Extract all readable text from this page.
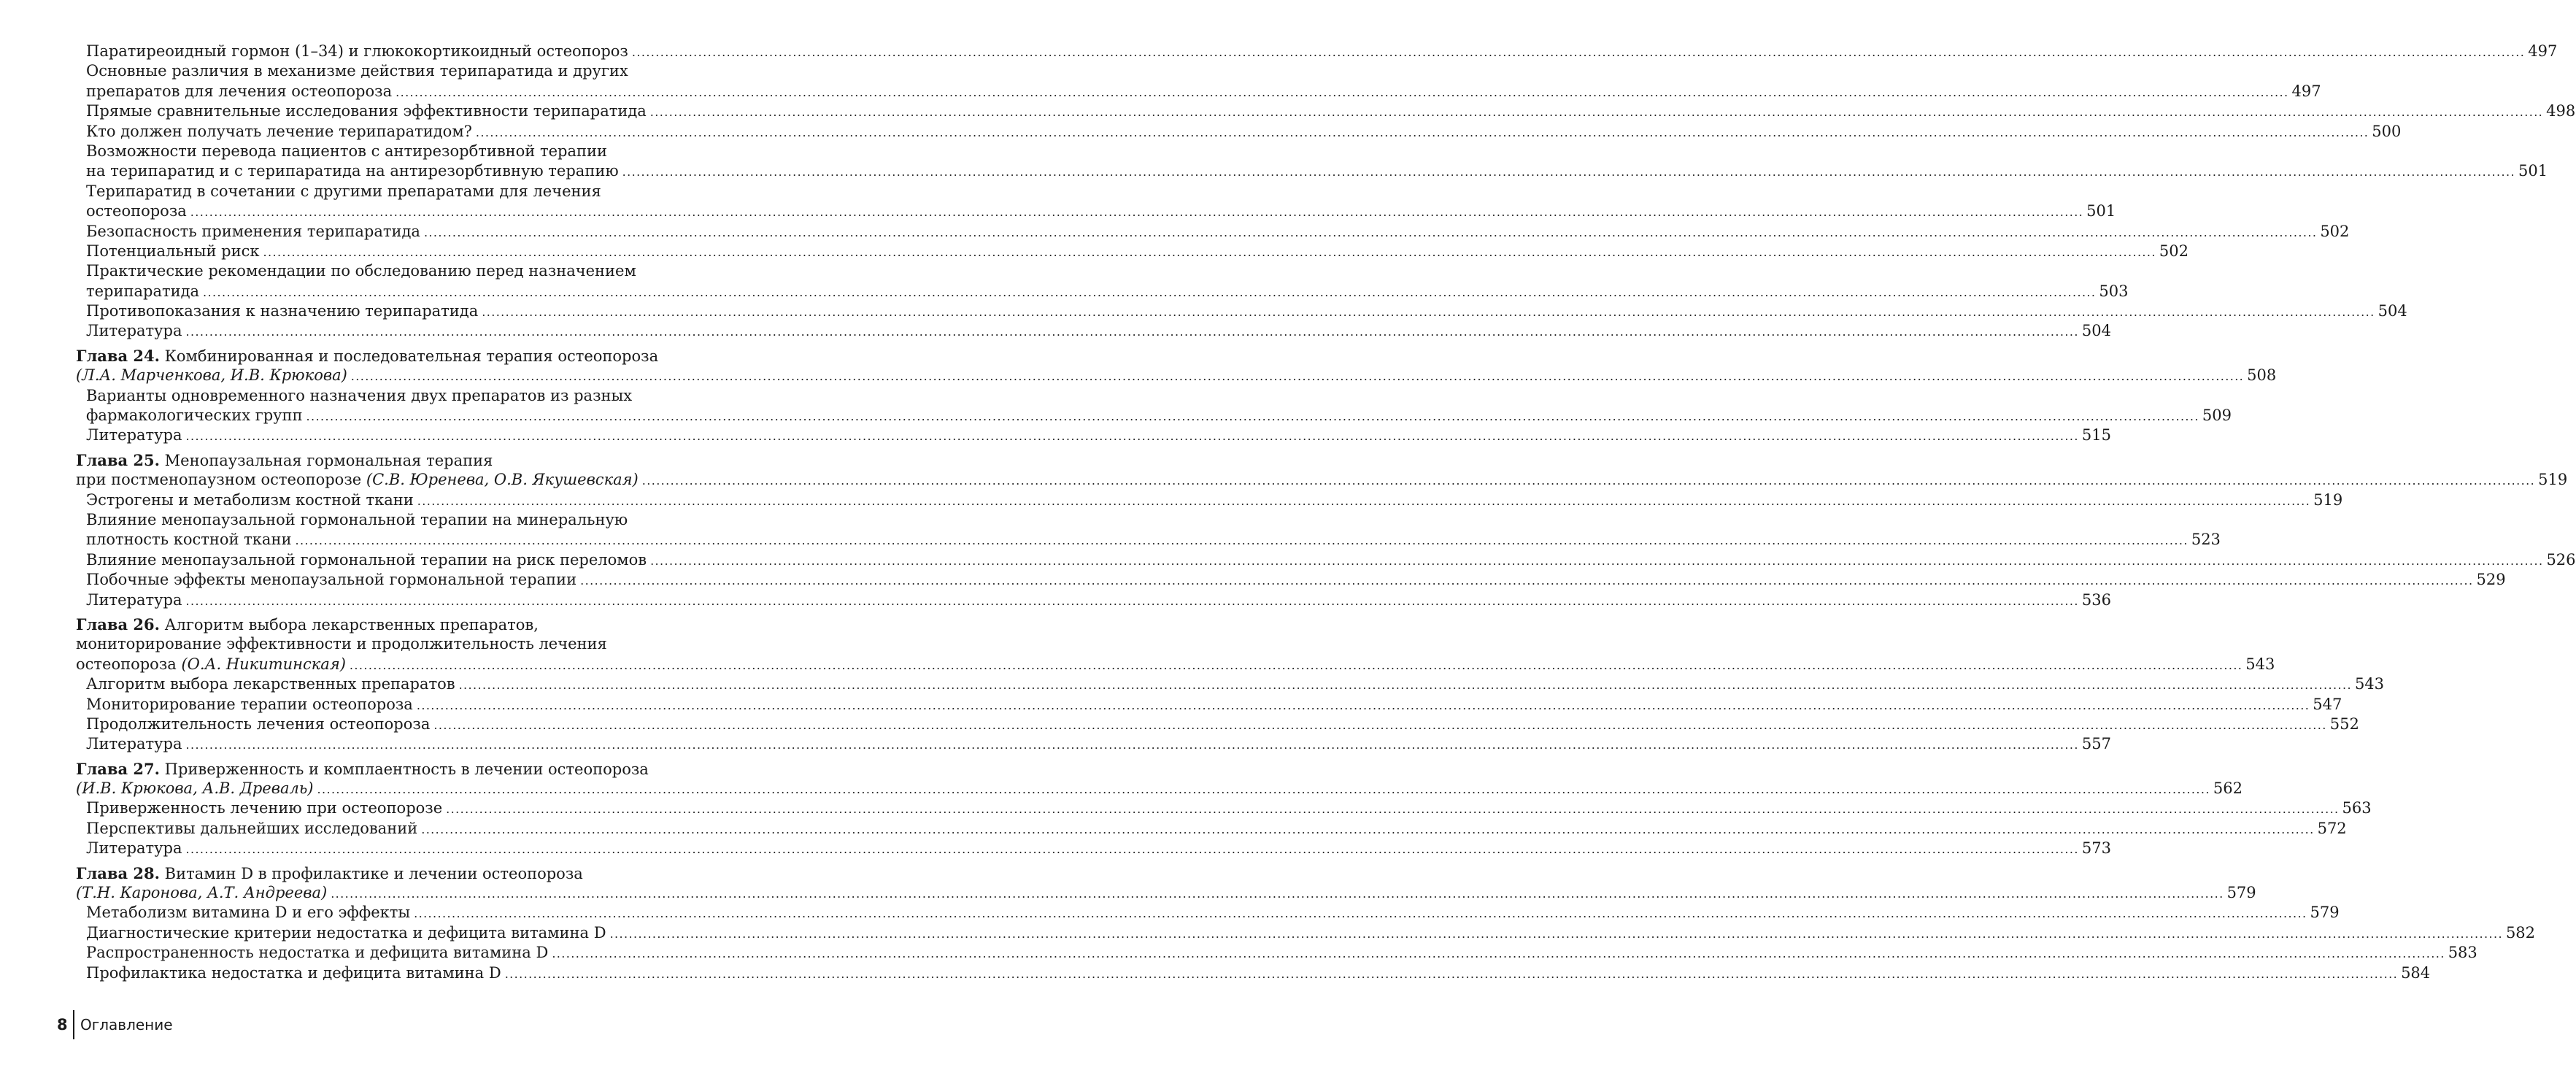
Паратиреоидный гормон (1–34) и глюкокортикоидный остеопороз ................................................................................................................................................................................................................................................................................................................................................................................................................ 497
Основные различия в механизме действия терипаратида и других
препаратов для лечения остеопороза ................................................................................................................................................................................................................................................................................................................................................................................................................ 497
Прямые сравнительные исследования эффективности терипаратида ................................................................................................................................................................................................................................................................................................................................................................................................................ 498
Кто должен получать лечение терипаратидом? ................................................................................................................................................................................................................................................................................................................................................................................................................ 500
Возможности перевода пациентов с антирезорбтивной терапии
на терипаратид и с терипаратида на антирезорбтивную терапию ................................................................................................................................................................................................................................................................................................................................................................................................................ 501
Терипаратид в сочетании с другими препаратами для лечения
остеопороза ................................................................................................................................................................................................................................................................................................................................................................................................................ 501
Безопасность применения терипаратида ................................................................................................................................................................................................................................................................................................................................................................................................................ 502
Потенциальный риск ................................................................................................................................................................................................................................................................................................................................................................................................................ 502
Практические рекомендации по обследованию перед назначением
терипаратида ................................................................................................................................................................................................................................................................................................................................................................................................................ 503
Противопоказания к назначению терипаратида ................................................................................................................................................................................................................................................................................................................................................................................................................ 504
Литература ................................................................................................................................................................................................................................................................................................................................................................................................................ 504
Глава 24. Комбинированная и последовательная терапия остеопороза
(Л.А. Марченкова, И.В. Крюкова) ................................................................................................................................................................................................................................................................................................................................................................................................................ 508
Варианты одновременного назначения двух препаратов из разных
фармакологических групп ................................................................................................................................................................................................................................................................................................................................................................................................................ 509
Литература ................................................................................................................................................................................................................................................................................................................................................................................................................ 515
Глава 25. Менопаузальная гормональная терапия
при постменопаузном остеопорозе (С.В. Юренева, О.В. Якушевская) ................................................................................................................................................................................................................................................................................................................................................................................................................ 519
Эстрогены и метаболизм костной ткани ................................................................................................................................................................................................................................................................................................................................................................................................................ 519
Влияние менопаузальной гормональной терапии на минеральную
плотность костной ткани ................................................................................................................................................................................................................................................................................................................................................................................................................ 523
Влияние менопаузальной гормональной терапии на риск переломов ................................................................................................................................................................................................................................................................................................................................................................................................................ 526
Побочные эффекты менопаузальной гормональной терапии ................................................................................................................................................................................................................................................................................................................................................................................................................ 529
Литература ................................................................................................................................................................................................................................................................................................................................................................................................................ 536
Глава 26. Алгоритм выбора лекарственных препаратов,
мониторирование эффективности и продолжительность лечения
остеопороза (О.А. Никитинская) ................................................................................................................................................................................................................................................................................................................................................................................................................ 543
Алгоритм выбора лекарственных препаратов ................................................................................................................................................................................................................................................................................................................................................................................................................ 543
Мониторирование терапии остеопороза ................................................................................................................................................................................................................................................................................................................................................................................................................ 547
Продолжительность лечения остеопороза ................................................................................................................................................................................................................................................................................................................................................................................................................ 552
Литература ................................................................................................................................................................................................................................................................................................................................................................................................................ 557
Глава 27. Приверженность и комплаентность в лечении остеопороза
(И.В. Крюкова, А.В. Древаль) ................................................................................................................................................................................................................................................................................................................................................................................................................ 562
Приверженность лечению при остеопорозе ................................................................................................................................................................................................................................................................................................................................................................................................................ 563
Перспективы дальнейших исследований ................................................................................................................................................................................................................................................................................................................................................................................................................ 572
Литература ................................................................................................................................................................................................................................................................................................................................................................................................................ 573
Глава 28. Витамин D в профилактике и лечении остеопороза
(Т.Н. Каронова, А.Т. Андреева) ................................................................................................................................................................................................................................................................................................................................................................................................................ 579
Метаболизм витамина D и его эффекты ................................................................................................................................................................................................................................................................................................................................................................................................................ 579
Диагностические критерии недостатка и дефицита витамина D ................................................................................................................................................................................................................................................................................................................................................................................................................ 582
Распространенность недостатка и дефицита витамина D ................................................................................................................................................................................................................................................................................................................................................................................................................ 583
Профилактика недостатка и дефицита витамина D ................................................................................................................................................................................................................................................................................................................................................................................................................ 584
8 Оглавление
